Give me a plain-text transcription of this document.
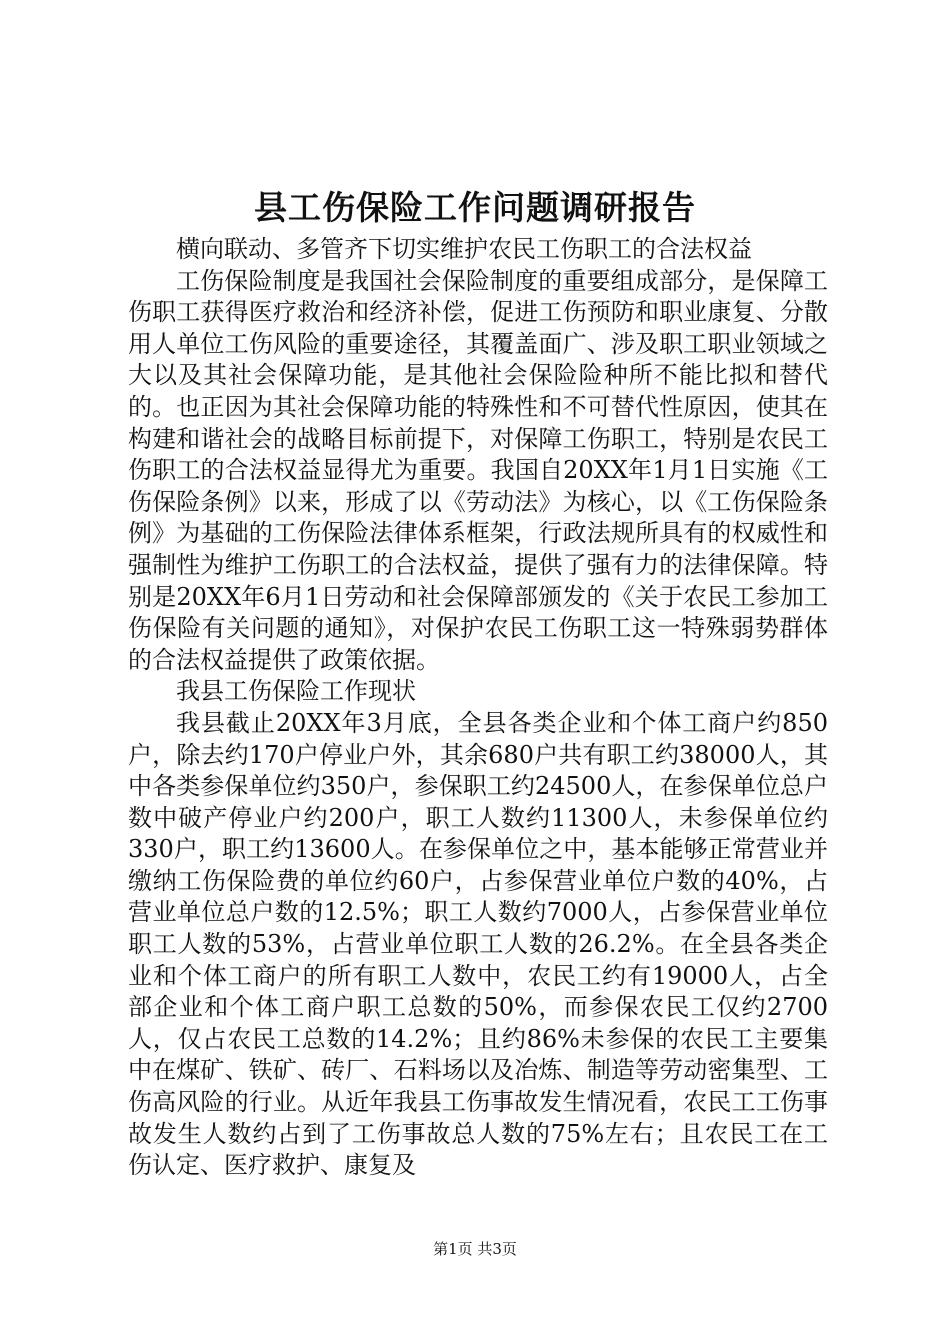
县工伤保险工作问题调研报告

横向联动、多管齐下切实维护农民工伤职工的合法权益

工伤保险制度是我国社会保险制度的重要组成部分，是保障工伤职工获得医疗救治和经济补偿，促进工伤预防和职业康复、分散用人单位工伤风险的重要途径，其覆盖面广、涉及职工职业领域之大以及其社会保障功能，是其他社会保险险种所不能比拟和替代的。也正因为其社会保障功能的特殊性和不可替代性原因，使其在构建和谐社会的战略目标前提下，对保障工伤职工，特别是农民工伤职工的合法权益显得尤为重要。我国自20XX年1月1日实施《工伤保险条例》以来，形成了以《劳动法》为核心，以《工伤保险条例》为基础的工伤保险法律体系框架，行政法规所具有的权威性和强制性为维护工伤职工的合法权益，提供了强有力的法律保障。特别是20XX年6月1日劳动和社会保障部颁发的《关于农民工参加工伤保险有关问题的通知》，对保护农民工伤职工这一特殊弱势群体的合法权益提供了政策依据。

我县工伤保险工作现状

我县截止20XX年3月底，全县各类企业和个体工商户约850户，除去约170户停业户外，其余680户共有职工约38000人，其中各类参保单位约350户，参保职工约24500人，在参保单位总户数中破产停业户约200户，职工人数约11300人，未参保单位约330户，职工约13600人。在参保单位之中，基本能够正常营业并缴纳工伤保险费的单位约60户，占参保营业单位户数的40%，占营业单位总户数的12.5%；职工人数约7000人，占参保营业单位职工人数的53%，占营业单位职工人数的26.2%。在全县各类企业和个体工商户的所有职工人数中，农民工约有19000人，占全部企业和个体工商户职工总数的50%，而参保农民工仅约2700人，仅占农民工总数的14.2%；且约86%未参保的农民工主要集中在煤矿、铁矿、砖厂、石料场以及冶炼、制造等劳动密集型、工伤高风险的行业。从近年我县工伤事故发生情况看，农民工工伤事故发生人数约占到了工伤事故总人数的75%左右；且农民工在工伤认定、医疗救护、康复及

第1页 共3页
